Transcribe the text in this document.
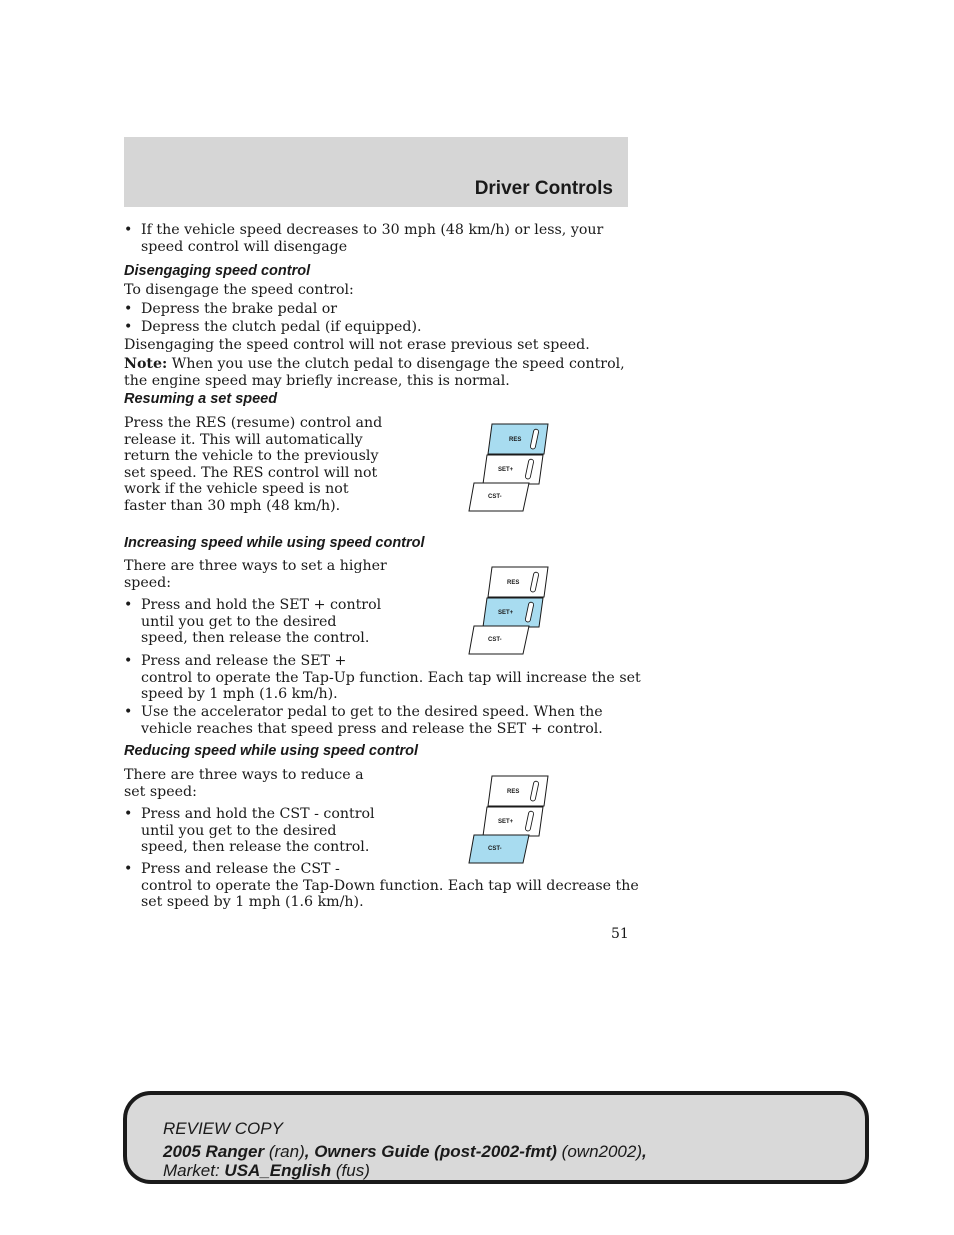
Driver Controls
• If the vehicle speed decreases to 30 mph (48 km/h) or less, your
speed control will disengage
Disengaging speed control
To disengage the speed control:
• Depress the brake pedal or
• Depress the clutch pedal (if equipped).
Disengaging the speed control will not erase previous set speed.
Note: When you use the clutch pedal to disengage the speed control,
the engine speed may briefly increase, this is normal.
Resuming a set speed
Press the RES (resume) control and
release it. This will automatically
return the vehicle to the previously
set speed. The RES control will not
work if the vehicle speed is not
faster than 30 mph (48 km/h).
RES
SET+
CST-
Increasing speed while using speed control
There are three ways to set a higher
speed:
• Press and hold the SET + control
until you get to the desired
speed, then release the control.
• Press and release the SET +
control to operate the Tap-Up function. Each tap will increase the set
speed by 1 mph (1.6 km/h).
• Use the accelerator pedal to get to the desired speed. When the
vehicle reaches that speed press and release the SET + control.
RES
SET+
CST-
Reducing speed while using speed control
There are three ways to reduce a
set speed:
• Press and hold the CST - control
until you get to the desired
speed, then release the control.
• Press and release the CST -
control to operate the Tap-Down function. Each tap will decrease the
set speed by 1 mph (1.6 km/h).
RES
SET+
CST-
51
REVIEW COPY
2005 Ranger (ran), Owners Guide (post-2002-fmt) (own2002),
Market: USA_English (fus)
